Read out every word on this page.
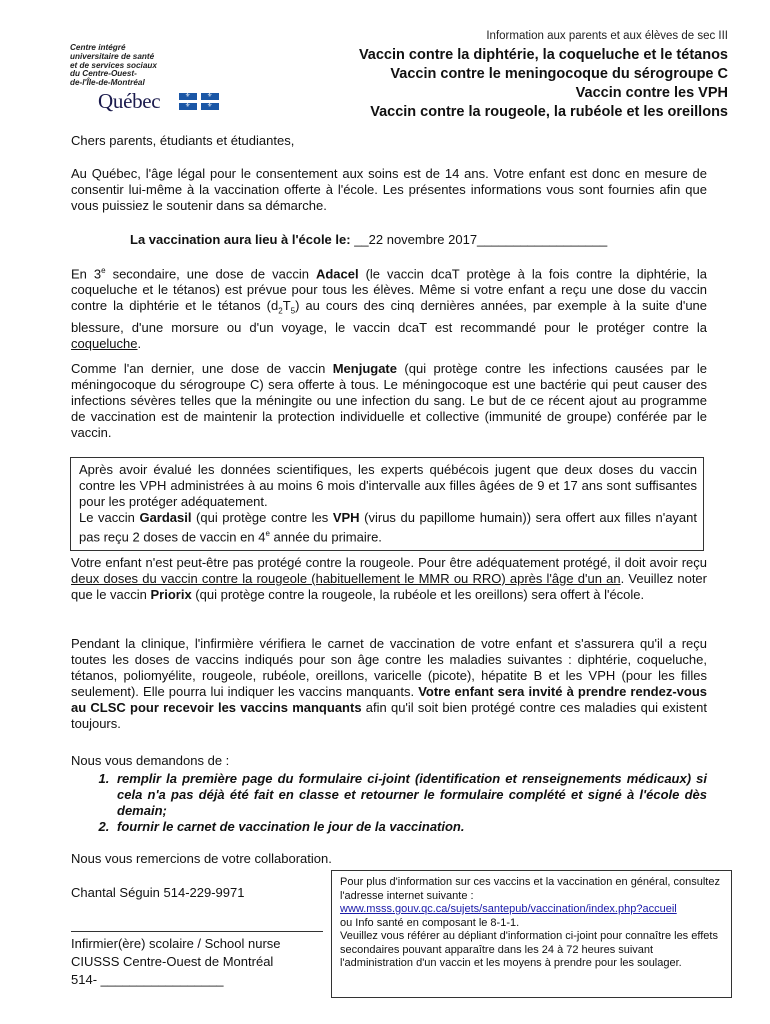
Centre intégré
universitaire de santé
et de services sociaux
du Centre-Ouest-
de-l'Île-de-Montréal
Québec	⚜	⚜
⚜	⚜
Information aux parents et aux élèves de sec III
Vaccin contre la diphtérie, la coqueluche et le tétanos
Vaccin contre le meningocoque du sérogroupe C
Vaccin contre les VPH
Vaccin contre la rougeole, la rubéole et les oreillons
Chers parents, étudiants et étudiantes,

Au Québec, l'âge légal pour le consentement aux soins est de 14 ans. Votre enfant est donc en mesure de consentir lui-même à la vaccination offerte à l'école. Les présentes informations vous sont fournies afin que vous puissiez le soutenir dans sa démarche.

La vaccination aura lieu à l'école le: __22 novembre 2017__________________

En 3e secondaire, une dose de vaccin Adacel (le vaccin dcaT protège à la fois contre la diphtérie, la coqueluche et le tétanos) est prévue pour tous les élèves. Même si votre enfant a reçu une dose du vaccin contre la diphtérie et le tétanos $(d_2T_5)$ au cours des cinq dernières années, par exemple à la suite d'une blessure, d'une morsure ou d'un voyage, le vaccin dcaT est recommandé pour le protéger contre la coqueluche.

Comme l'an dernier, une dose de vaccin Menjugate (qui protège contre les infections causées par le méningocoque du sérogroupe C) sera offerte à tous. Le méningocoque est une bactérie qui peut causer des infections sévères telles que la méningite ou une infection du sang. Le but de ce récent ajout au programme de vaccination est de maintenir la protection individuelle et collective (immunité de groupe) conférée par le vaccin.

Après avoir évalué les données scientifiques, les experts québécois jugent que deux doses du vaccin contre les VPH administrées à au moins 6 mois d'intervalle aux filles âgées de 9 et 17 ans sont suffisantes pour les protéger adéquatement.
Le vaccin Gardasil (qui protège contre les VPH (virus du papillome humain)) sera offert aux filles n'ayant pas reçu 2 doses de vaccin en 4e année du primaire.

Votre enfant n'est peut-être pas protégé contre la rougeole. Pour être adéquatement protégé, il doit avoir reçu deux doses du vaccin contre la rougeole (habituellement le MMR ou RRO) après l'âge d'un an. Veuillez noter que le vaccin Priorix (qui protège contre la rougeole, la rubéole et les oreillons) sera offert à l'école.

Pendant la clinique, l'infirmière vérifiera le carnet de vaccination de votre enfant et s'assurera qu'il a reçu toutes les doses de vaccins indiqués pour son âge contre les maladies suivantes : diphtérie, coqueluche, tétanos, poliomyélite, rougeole, rubéole, oreillons, varicelle (picote), hépatite B et les VPH (pour les filles seulement). Elle pourra lui indiquer les vaccins manquants. Votre enfant sera invité à prendre rendez-vous au CLSC pour recevoir les vaccins manquants afin qu'il soit bien protégé contre ces maladies qui existent toujours.

Nous vous demandons de :
1. remplir la première page du formulaire ci-joint (identification et renseignements médicaux) si cela n'a pas déjà été fait en classe et retourner le formulaire complété et signé à l'école dès demain;
2. fournir le carnet de vaccination le jour de la vaccination.
Nous vous remercions de votre collaboration.
Chantal Séguin 514-229-9971
Infirmier(ère) scolaire / School nurse
CIUSSS Centre-Ouest de Montréal
514- _________________
Pour plus d'information sur ces vaccins et la vaccination en général, consultez l'adresse internet suivante :
www.msss.gouv.qc.ca/sujets/santepub/vaccination/index.php?accueil
ou Info santé en composant le 8-1-1.
Veuillez vous référer au dépliant d'information ci-joint pour connaître les effets secondaires pouvant apparaître dans les 24 à 72 heures suivant l'administration d'un vaccin et les moyens à prendre pour les soulager.
